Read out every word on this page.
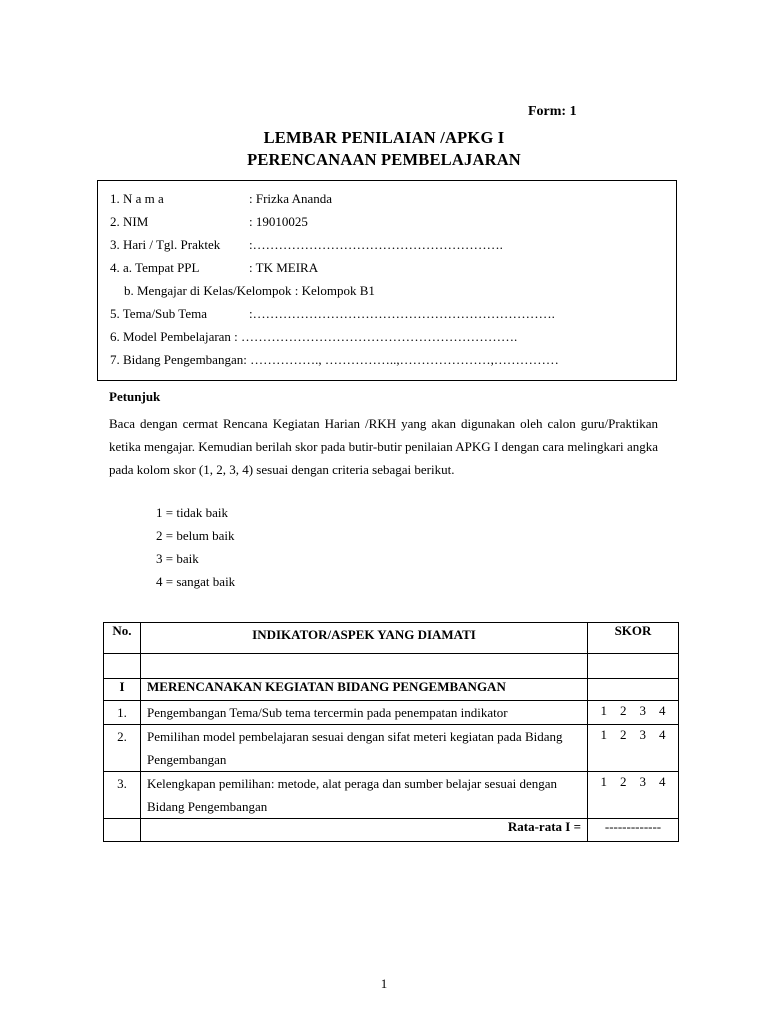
Form: 1
LEMBAR PENILAIAN /APKG I
PERENCANAAN PEMBELAJARAN
1. N a m a	: Frizka Ananda
2. NIM	: 19010025
3. Hari / Tgl. Praktek :………………………………………………….
4. a. Tempat PPL	: TK MEIRA
b. Mengajar di Kelas/Kelompok : Kelompok B1
5. Tema/Sub Tema	:…………………………………………………………….
6. Model Pembelajaran : ……………………………………………………….
7. Bidang Pengembangan: ……………., ……………..,…………………,……………
Petunjuk
Baca dengan cermat Rencana Kegiatan Harian /RKH yang akan digunakan oleh calon guru/Praktikan ketika mengajar. Kemudian berilah skor pada butir-butir penilaian APKG I dengan cara melingkari angka pada kolom skor (1, 2, 3, 4) sesuai dengan criteria sebagai berikut.
1 = tidak baik
2 = belum baik
3 = baik
4 = sangat baik
No.	INDIKATOR/ASPEK YANG DIAMATI	SKOR

I	MERENCANAKAN KEGIATAN BIDANG PENGEMBANGAN	
1.	Pengembangan Tema/Sub tema tercermin pada penempatan indikator	1 2 3 4

2.	Pemilihan model pembelajaran sesuai dengan sifat meteri kegiatan pada Bidang Pengembangan	1 2 3 4

3.	Kelengkapan pemilihan: metode, alat peraga dan sumber belajar sesuai dengan Bidang Pengembangan	1 2 3 4

	Rata-rata I =	-------------
1
